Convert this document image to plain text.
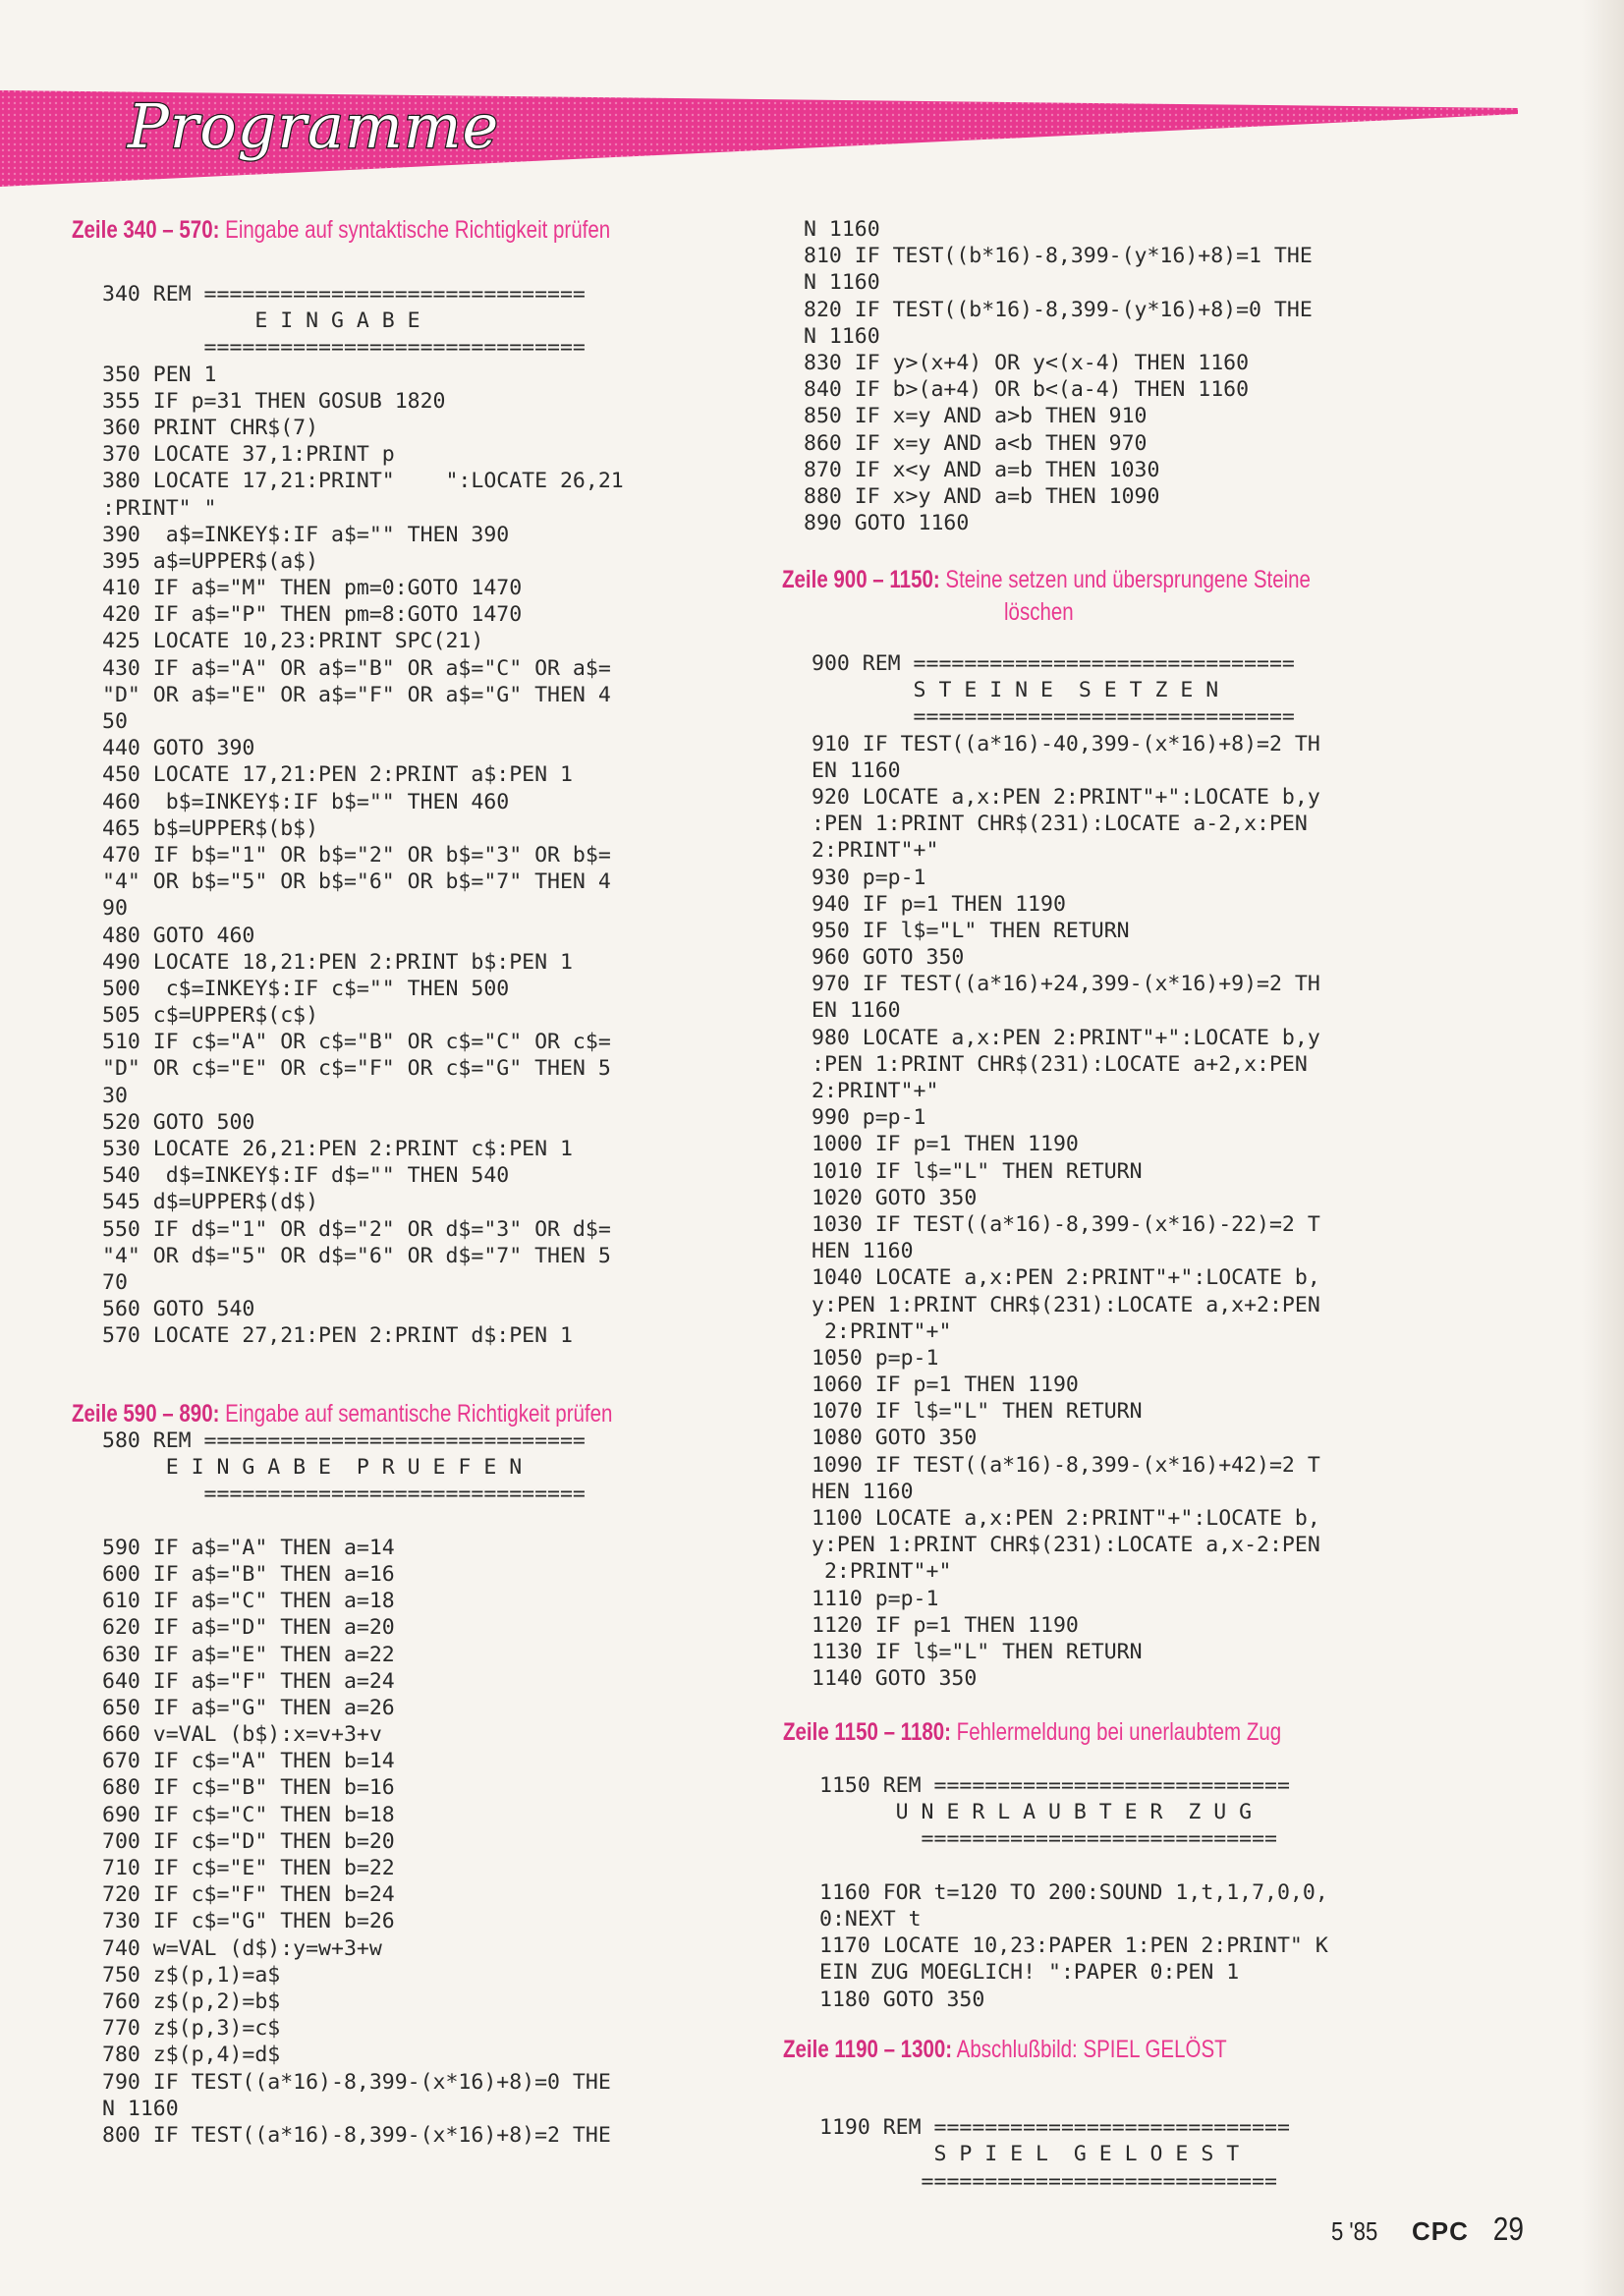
Programme
Zeile 340 – 570: Eingabe auf syntaktische Richtigkeit prüfen
340 REM ==============================
E I N G A B E
==============================
350 PEN 1
355 IF p=31 THEN GOSUB 1820
360 PRINT CHR$(7)
370 LOCATE 37,1:PRINT p
380 LOCATE 17,21:PRINT"    ":LOCATE 26,21
:PRINT" "
390  a$=INKEY$:IF a$="" THEN 390
395 a$=UPPER$(a$)
410 IF a$="M" THEN pm=0:GOTO 1470
420 IF a$="P" THEN pm=8:GOTO 1470
425 LOCATE 10,23:PRINT SPC(21)
430 IF a$="A" OR a$="B" OR a$="C" OR a$=
"D" OR a$="E" OR a$="F" OR a$="G" THEN 4
50
440 GOTO 390
450 LOCATE 17,21:PEN 2:PRINT a$:PEN 1
460  b$=INKEY$:IF b$="" THEN 460
465 b$=UPPER$(b$)
470 IF b$="1" OR b$="2" OR b$="3" OR b$=
"4" OR b$="5" OR b$="6" OR b$="7" THEN 4
90
480 GOTO 460
490 LOCATE 18,21:PEN 2:PRINT b$:PEN 1
500  c$=INKEY$:IF c$="" THEN 500
505 c$=UPPER$(c$)
510 IF c$="A" OR c$="B" OR c$="C" OR c$=
"D" OR c$="E" OR c$="F" OR c$="G" THEN 5
30
520 GOTO 500
530 LOCATE 26,21:PEN 2:PRINT c$:PEN 1
540  d$=INKEY$:IF d$="" THEN 540
545 d$=UPPER$(d$)
550 IF d$="1" OR d$="2" OR d$="3" OR d$=
"4" OR d$="5" OR d$="6" OR d$="7" THEN 5
70
560 GOTO 540
570 LOCATE 27,21:PEN 2:PRINT d$:PEN 1
Zeile 590 – 890: Eingabe auf semantische Richtigkeit prüfen
580 REM ==============================
E I N G A B E  P R U E F E N
==============================
590 IF a$="A" THEN a=14
600 IF a$="B" THEN a=16
610 IF a$="C" THEN a=18
620 IF a$="D" THEN a=20
630 IF a$="E" THEN a=22
640 IF a$="F" THEN a=24
650 IF a$="G" THEN a=26
660 v=VAL (b$):x=v+3+v
670 IF c$="A" THEN b=14
680 IF c$="B" THEN b=16
690 IF c$="C" THEN b=18
700 IF c$="D" THEN b=20
710 IF c$="E" THEN b=22
720 IF c$="F" THEN b=24
730 IF c$="G" THEN b=26
740 w=VAL (d$):y=w+3+w
750 z$(p,1)=a$
760 z$(p,2)=b$
770 z$(p,3)=c$
780 z$(p,4)=d$
790 IF TEST((a*16)-8,399-(x*16)+8)=0 THE
N 1160
800 IF TEST((a*16)-8,399-(x*16)+8)=2 THE
N 1160
810 IF TEST((b*16)-8,399-(y*16)+8)=1 THE
N 1160
820 IF TEST((b*16)-8,399-(y*16)+8)=0 THE
N 1160
830 IF y>(x+4) OR y<(x-4) THEN 1160
840 IF b>(a+4) OR b<(a-4) THEN 1160
850 IF x=y AND a>b THEN 910
860 IF x=y AND a<b THEN 970
870 IF x<y AND a=b THEN 1030
880 IF x>y AND a=b THEN 1090
890 GOTO 1160
Zeile 900 – 1150: Steine setzen und übersprungene Steine
löschen
900 REM ==============================
S T E I N E  S E T Z E N
==============================
910 IF TEST((a*16)-40,399-(x*16)+8)=2 TH
EN 1160
920 LOCATE a,x:PEN 2:PRINT"+":LOCATE b,y
:PEN 1:PRINT CHR$(231):LOCATE a-2,x:PEN
2:PRINT"+"
930 p=p-1
940 IF p=1 THEN 1190
950 IF l$="L" THEN RETURN
960 GOTO 350
970 IF TEST((a*16)+24,399-(x*16)+9)=2 TH
EN 1160
980 LOCATE a,x:PEN 2:PRINT"+":LOCATE b,y
:PEN 1:PRINT CHR$(231):LOCATE a+2,x:PEN
2:PRINT"+"
990 p=p-1
1000 IF p=1 THEN 1190
1010 IF l$="L" THEN RETURN
1020 GOTO 350
1030 IF TEST((a*16)-8,399-(x*16)-22)=2 T
HEN 1160
1040 LOCATE a,x:PEN 2:PRINT"+":LOCATE b,
y:PEN 1:PRINT CHR$(231):LOCATE a,x+2:PEN
2:PRINT"+"
1050 p=p-1
1060 IF p=1 THEN 1190
1070 IF l$="L" THEN RETURN
1080 GOTO 350
1090 IF TEST((a*16)-8,399-(x*16)+42)=2 T
HEN 1160
1100 LOCATE a,x:PEN 2:PRINT"+":LOCATE b,
y:PEN 1:PRINT CHR$(231):LOCATE a,x-2:PEN
2:PRINT"+"
1110 p=p-1
1120 IF p=1 THEN 1190
1130 IF l$="L" THEN RETURN
1140 GOTO 350
Zeile 1150 – 1180: Fehlermeldung bei unerlaubtem Zug
1150 REM ============================
U N E R L A U B T E R  Z U G
============================
1160 FOR t=120 TO 200:SOUND 1,t,1,7,0,0,
0:NEXT t
1170 LOCATE 10,23:PAPER 1:PEN 2:PRINT" K
EIN ZUG MOEGLICH! ":PAPER 0:PEN 1
1180 GOTO 350
Zeile 1190 – 1300: Abschlußbild: SPIEL GELÖST
1190 REM ============================
S P I E L  G E L O E S T
============================
5 '85 CPC 29
